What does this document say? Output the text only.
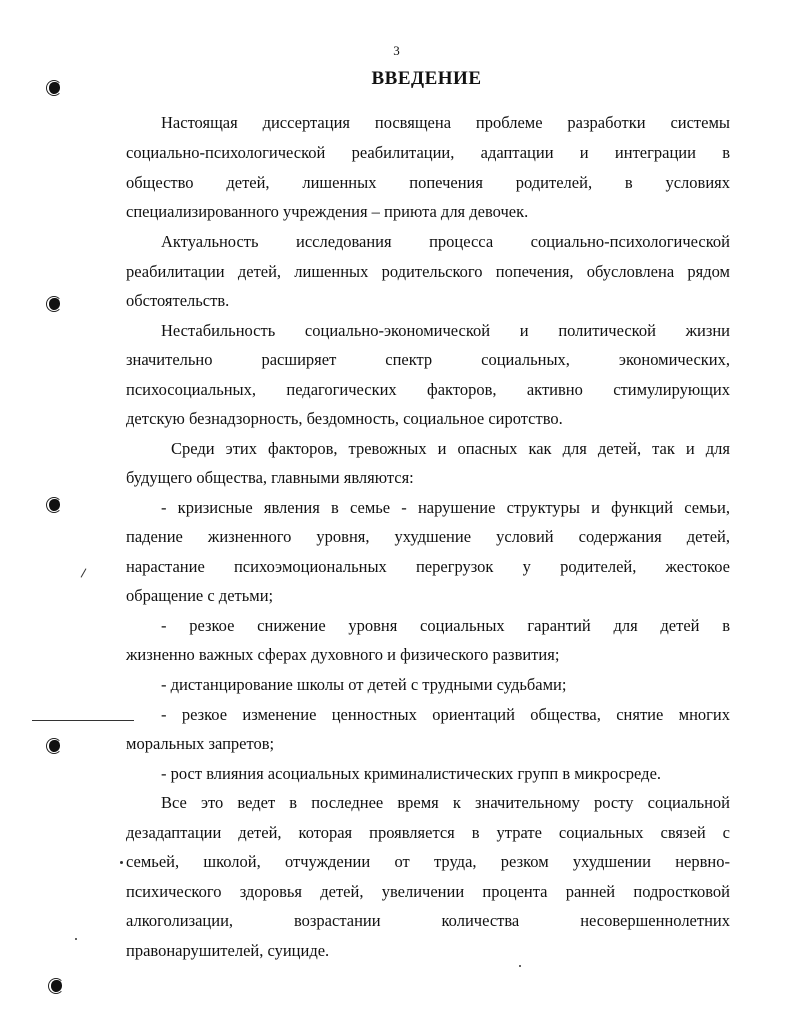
3
ВВЕДЕНИЕ
Настоящая диссертация посвящена проблеме разработки системы
социально-психологической реабилитации, адаптации и интеграции в
общество детей, лишенных попечения родителей, в условиях
специализированного учреждения – приюта для девочек.
Актуальность исследования процесса социально-психологической
реабилитации детей, лишенных родительского попечения, обусловлена рядом
обстоятельств.
Нестабильность социально-экономической и политической жизни
значительно расширяет спектр социальных, экономических,
психосоциальных, педагогических факторов, активно стимулирующих
детскую безнадзорность, бездомность, социальное сиротство.
Среди этих факторов, тревожных и опасных как для детей, так и для
будущего общества, главными являются:
- кризисные явления в семье - нарушение структуры и функций семьи,
падение жизненного уровня, ухудшение условий содержания детей,
нарастание психоэмоциональных перегрузок у родителей, жестокое
обращение с детьми;
- резкое снижение уровня социальных гарантий для детей в
жизненно важных сферах духовного и физического развития;
- дистанцирование школы от детей с трудными судьбами;
- резкое изменение ценностных ориентаций общества, снятие многих
моральных запретов;
- рост влияния асоциальных криминалистических групп в микросреде.
Все это ведет в последнее время к значительному росту социальной
дезадаптации детей, которая проявляется в утрате социальных связей с
семьей, школой, отчуждении от труда, резком ухудшении нервно-
психического здоровья детей, увеличении процента ранней подростковой
алкоголизации, возрастании количества несовершеннолетних
правонарушителей, суициде.
